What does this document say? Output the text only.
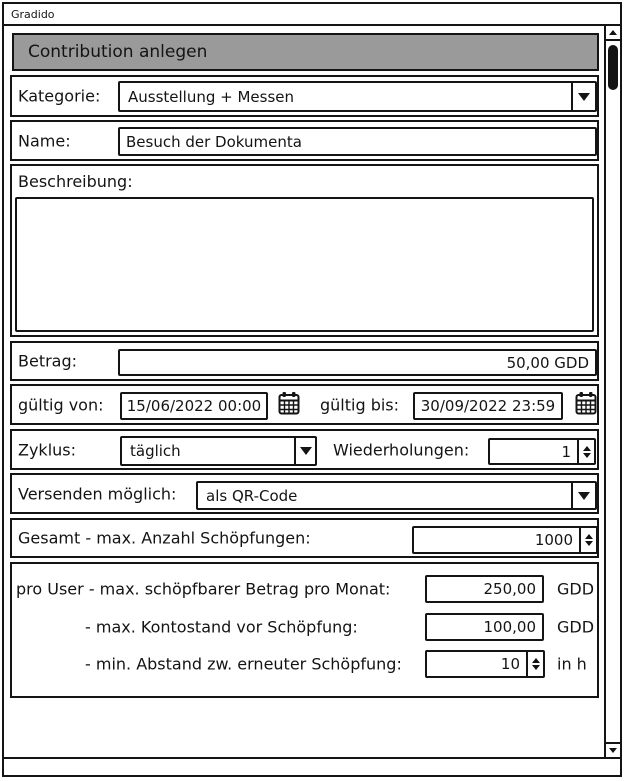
Gradido
Contribution anlegen
Kategorie:	Ausstellung + Messen
Name:
Besuch der Dokumenta
Beschreibung:
Betrag:
50,00 GDD
gültig von:
15/06/2022 00:00	gültig bis:
30/09/2022 23:59
Zyklus:	täglich	Wiederholungen:	1
Versenden möglich:	als QR-Code
Gesamt - max. Anzahl Schöpfungen:	1000
pro User - max. schöpfbarer Betrag pro Monat:
250,00	GDD
- max. Kontostand vor Schöpfung:
100,00	GDD
- min. Abstand zw. erneuter Schöpfung:	10	in h
